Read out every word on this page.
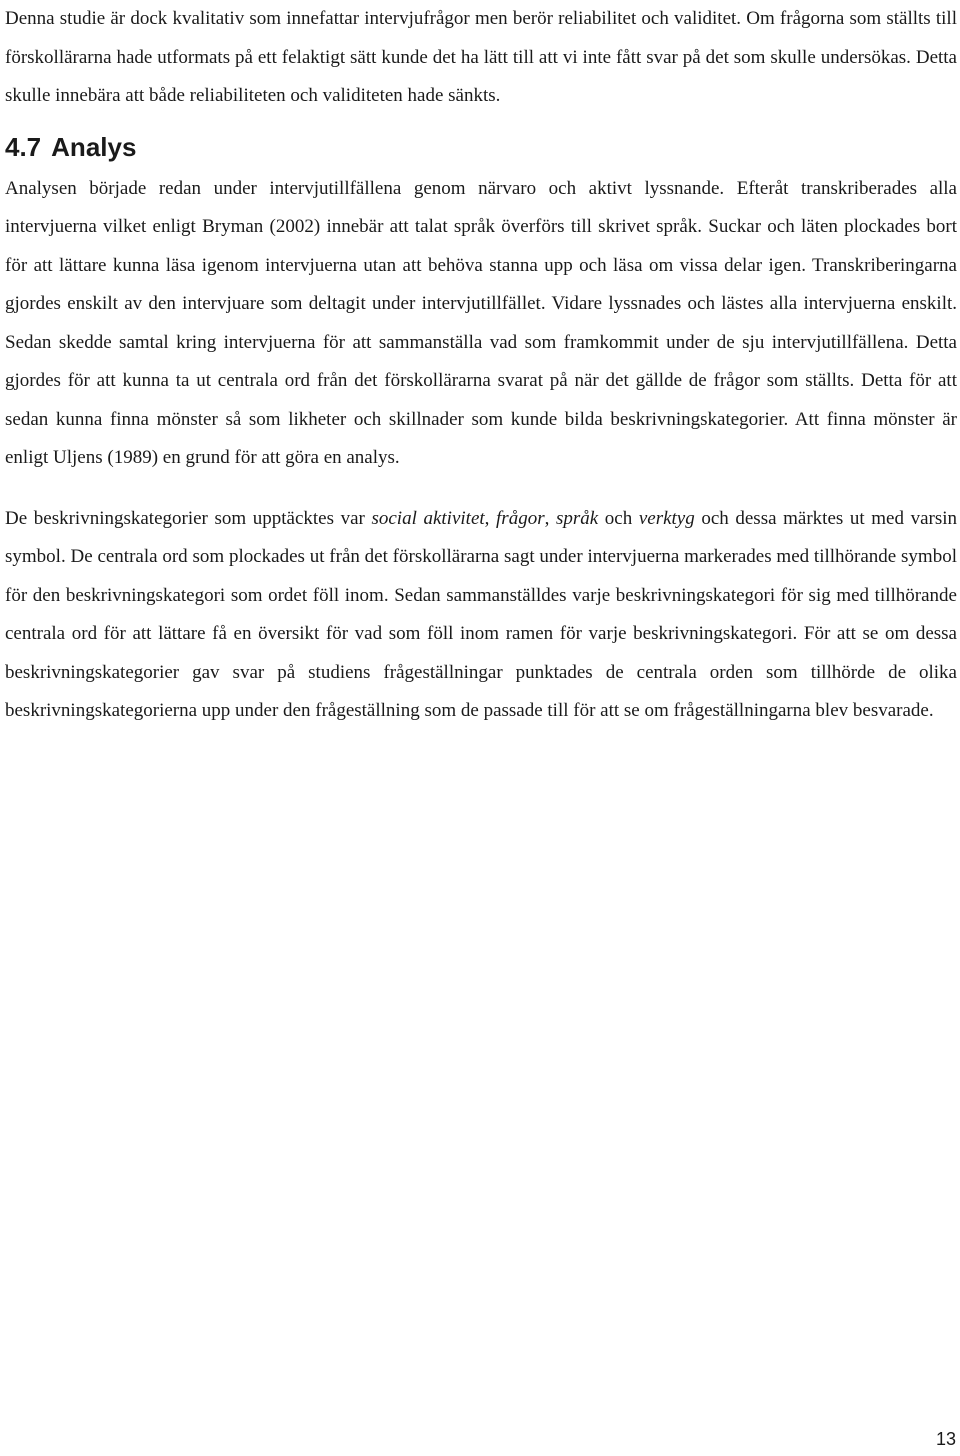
Denna studie är dock kvalitativ som innefattar intervjufrågor men berör reliabilitet och validitet. Om frågorna som ställts till förskollärarna hade utformats på ett felaktigt sätt kunde det ha lätt till att vi inte fått svar på det som skulle undersökas. Detta skulle innebära att både reliabiliteten och validiteten hade sänkts.

4.7 Analys

Analysen började redan under intervjutillfällena genom närvaro och aktivt lyssnande. Efteråt transkriberades alla intervjuerna vilket enligt Bryman (2002) innebär att talat språk överförs till skrivet språk. Suckar och läten plockades bort för att lättare kunna läsa igenom intervjuerna utan att behöva stanna upp och läsa om vissa delar igen. Transkriberingarna gjordes enskilt av den intervjuare som deltagit under intervjutillfället. Vidare lyssnades och lästes alla intervjuerna enskilt. Sedan skedde samtal kring intervjuerna för att sammanställa vad som framkommit under de sju intervjutillfällena. Detta gjordes för att kunna ta ut centrala ord från det förskollärarna svarat på när det gällde de frågor som ställts. Detta för att sedan kunna finna mönster så som likheter och skillnader som kunde bilda beskrivningskategorier. Att finna mönster är enligt Uljens (1989) en grund för att göra en analys.

De beskrivningskategorier som upptäcktes var social aktivitet, frågor, språk och verktyg och dessa märktes ut med varsin symbol. De centrala ord som plockades ut från det förskollärarna sagt under intervjuerna markerades med tillhörande symbol för den beskrivningskategori som ordet föll inom. Sedan sammanställdes varje beskrivningskategori för sig med tillhörande centrala ord för att lättare få en översikt för vad som föll inom ramen för varje beskrivningskategori. För att se om dessa beskrivningskategorier gav svar på studiens frågeställningar punktades de centrala orden som tillhörde de olika beskrivningskategorierna upp under den frågeställning som de passade till för att se om frågeställningarna blev besvarade.

13
